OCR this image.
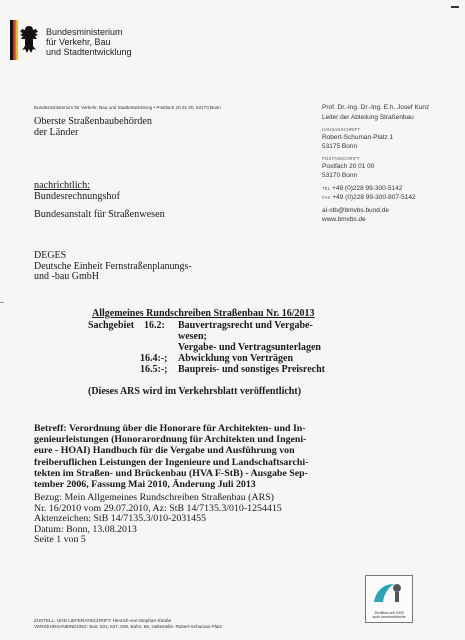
Bundesministerium
für Verkehr, Bau
und Stadtentwicklung
Bundesministerium für Verkehr, Bau und Stadtentwicklung • Postfach 20 01 00, 53170 Bonn
Oberste Straßenbaubehörden
der Länder
nachrichtlich:
Bundesrechnungshof
Bundesanstalt für Straßenwesen
DEGES
Deutsche Einheit Fernstraßenplanungs-
und -bau GmbH
Prof. Dr.-Ing. Dr.-Ing. E.h. Josef Kunz
Leiter der Abteilung Straßenbau
HAUSANSCHRIFT
Robert-Schuman-Platz 1
53175 Bonn
POSTANSCHRIFT
Postfach 20 01 00
53170 Bonn
TEL +49 (0)228 99-300-5142
FAX +49 (0)228 99-300-807-5142
al-stb@bmvbs.bund.de
www.bmvbs.de
Allgemeines Rundschreiben Straßenbau Nr. 16/2013
Sachgebiet 16.2: Bauvertragsrecht und Vergabe-
wesen;
Vergabe- und Vertragsunterlagen
16.4:-; Abwicklung von Verträgen
16.5:-; Baupreis- und sonstiges Preisrecht
(Dieses ARS wird im Verkehrsblatt veröffentlicht)
Betreff: Verordnung über die Honorare für Architekten- und In-
genieurleistungen (Honorarordnung für Architekten und Ingeni-
eure - HOAI) Handbuch für die Vergabe und Ausführung von
freiberuflichen Leistungen der Ingenieure und Landschaftsarchi-
tekten im Straßen- und Brückenbau (HVA F-StB) - Ausgabe Sep-
tember 2006, Fassung Mai 2010, Änderung Juli 2013
Bezug: Mein Allgemeines Rundschreiben Straßenbau (ARS)
Nr. 16/2010 vom 29.07.2010, Az: StB 14/7135.3/010-1254415
Aktenzeichen: StB 14/7135.3/010-2031455
Datum: Bonn, 13.08.2013
Seite 1 von 5
Zertifikat seit 2009
audit berufundfamilie
ZUSTELL- UND LIEFERANSCHRIFT: Henrich-von-Stephan-Straße
VERKEHRSANBINDUNG: Bus: 631, 637, 638, Bahn: 66, Haltestelle: Robert-Schuman-Platz
